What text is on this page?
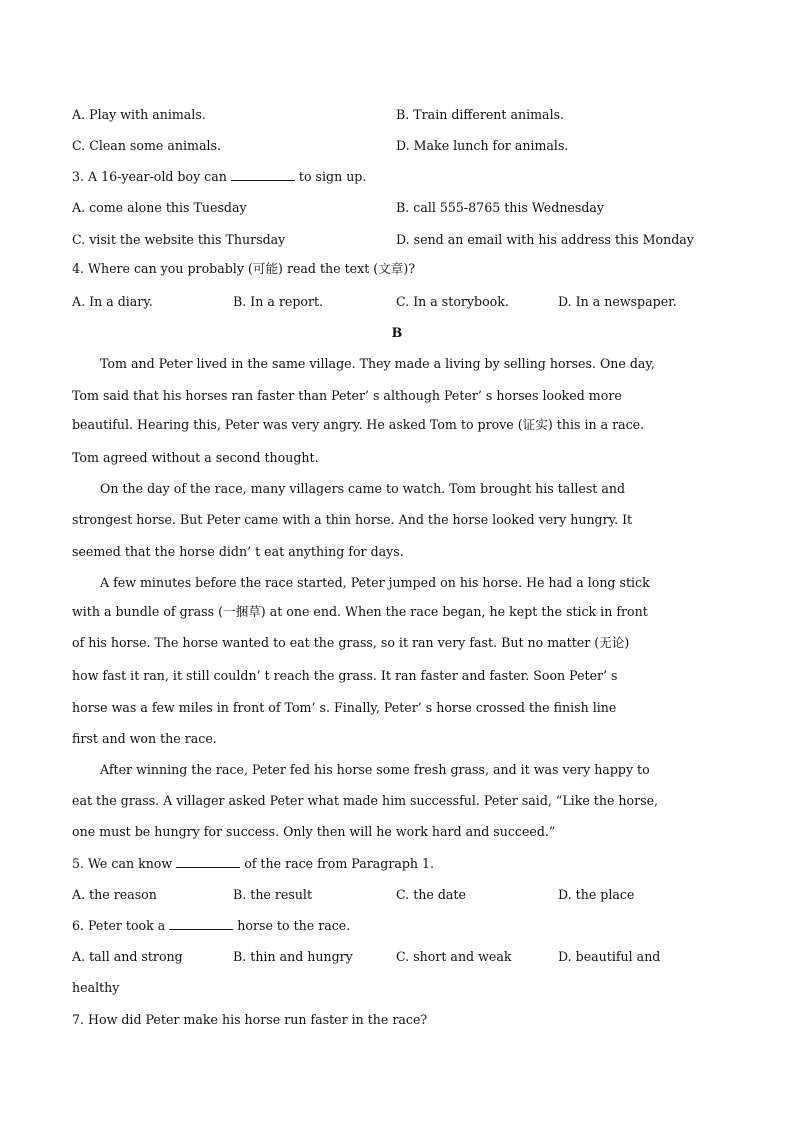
A. Play with animals.	B. Train different animals.
C. Clean some animals.	D. Make lunch for animals.
3. A 16-year-old boy can	to sign up.
A. come alone this Tuesday	B. call 555-8765 this Wednesday
C. visit the website this Thursday	D. send an email with his address this Monday
4. Where can you probably (可能) read the text (文章)?
A. In a diary.	B. In a report.	C. In a storybook.	D. In a newspaper.
B
Tom and Peter lived in the same village. They made a living by selling horses. One day,
Tom said that his horses ran faster than Peter’ s although Peter’ s horses looked more
beautiful. Hearing this, Peter was very angry. He asked Tom to prove (证实) this in a race.
Tom agreed without a second thought.
On the day of the race, many villagers came to watch. Tom brought his tallest and
strongest horse. But Peter came with a thin horse. And the horse looked very hungry. It
seemed that the horse didn’ t eat anything for days.
A few minutes before the race started, Peter jumped on his horse. He had a long stick
with a bundle of grass (一捆草) at one end. When the race began, he kept the stick in front
of his horse. The horse wanted to eat the grass, so it ran very fast. But no matter (无论)
how fast it ran, it still couldn’ t reach the grass. It ran faster and faster. Soon Peter’ s
horse was a few miles in front of Tom’ s. Finally, Peter’ s horse crossed the finish line
first and won the race.
After winning the race, Peter fed his horse some fresh grass, and it was very happy to
eat the grass. A villager asked Peter what made him successful. Peter said, “Like the horse,
one must be hungry for success. Only then will he work hard and succeed.”
5. We can know	of the race from Paragraph 1.
A. the reason	B. the result	C. the date	D. the place
6. Peter took a	horse to the race.
A. tall and strong	B. thin and hungry	C. short and weak	D. beautiful and
healthy
7. How did Peter make his horse run faster in the race?
